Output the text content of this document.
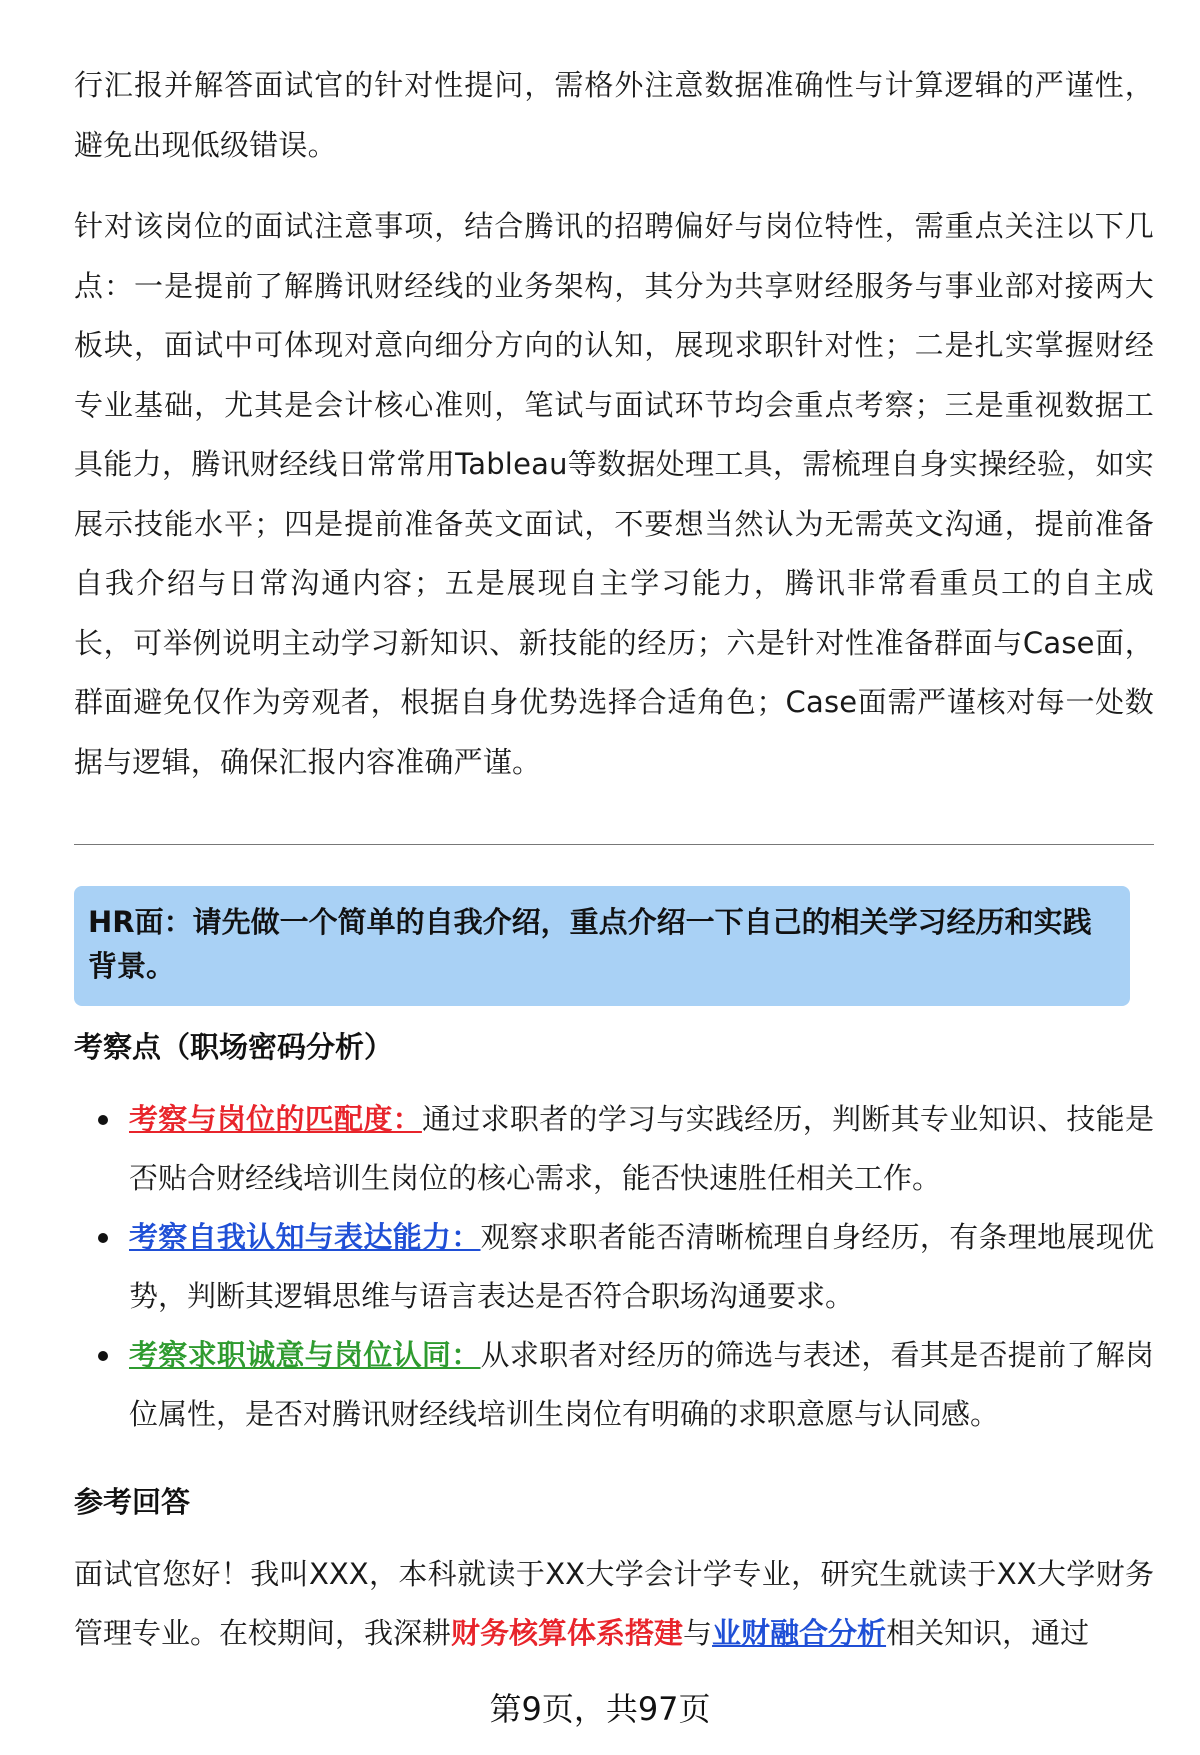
行汇报并解答面试官的针对性提问，需格外注意数据准确性与计算逻辑的严谨性，避免出现低级错误。

针对该岗位的面试注意事项，结合腾讯的招聘偏好与岗位特性，需重点关注以下几点：一是提前了解腾讯财经线的业务架构，其分为共享财经服务与事业部对接两大板块，面试中可体现对意向细分方向的认知，展现求职针对性；二是扎实掌握财经专业基础，尤其是会计核心准则，笔试与面试环节均会重点考察；三是重视数据工具能力，腾讯财经线日常常用Tableau等数据处理工具，需梳理自身实操经验，如实展示技能水平；四是提前准备英文面试，不要想当然认为无需英文沟通，提前准备自我介绍与日常沟通内容；五是展现自主学习能力，腾讯非常看重员工的自主成长，可举例说明主动学习新知识、新技能的经历；六是针对性准备群面与Case面，群面避免仅作为旁观者，根据自身优势选择合适角色；Case面需严谨核对每一处数据与逻辑，确保汇报内容准确严谨。

HR面：请先做一个简单的自我介绍，重点介绍一下自己的相关学习经历和实践背景。

考察点（职场密码分析）

考察与岗位的匹配度：通过求职者的学习与实践经历，判断其专业知识、技能是否贴合财经线培训生岗位的核心需求，能否快速胜任相关工作。

考察自我认知与表达能力：观察求职者能否清晰梳理自身经历，有条理地展现优势，判断其逻辑思维与语言表达是否符合职场沟通要求。

考察求职诚意与岗位认同：从求职者对经历的筛选与表述，看其是否提前了解岗位属性，是否对腾讯财经线培训生岗位有明确的求职意愿与认同感。

参考回答

面试官您好！我叫XXX，本科就读于XX大学会计学专业，研究生就读于XX大学财务管理专业。在校期间，我深耕财务核算体系搭建与业财融合分析相关知识，通过

第9页，共97页
